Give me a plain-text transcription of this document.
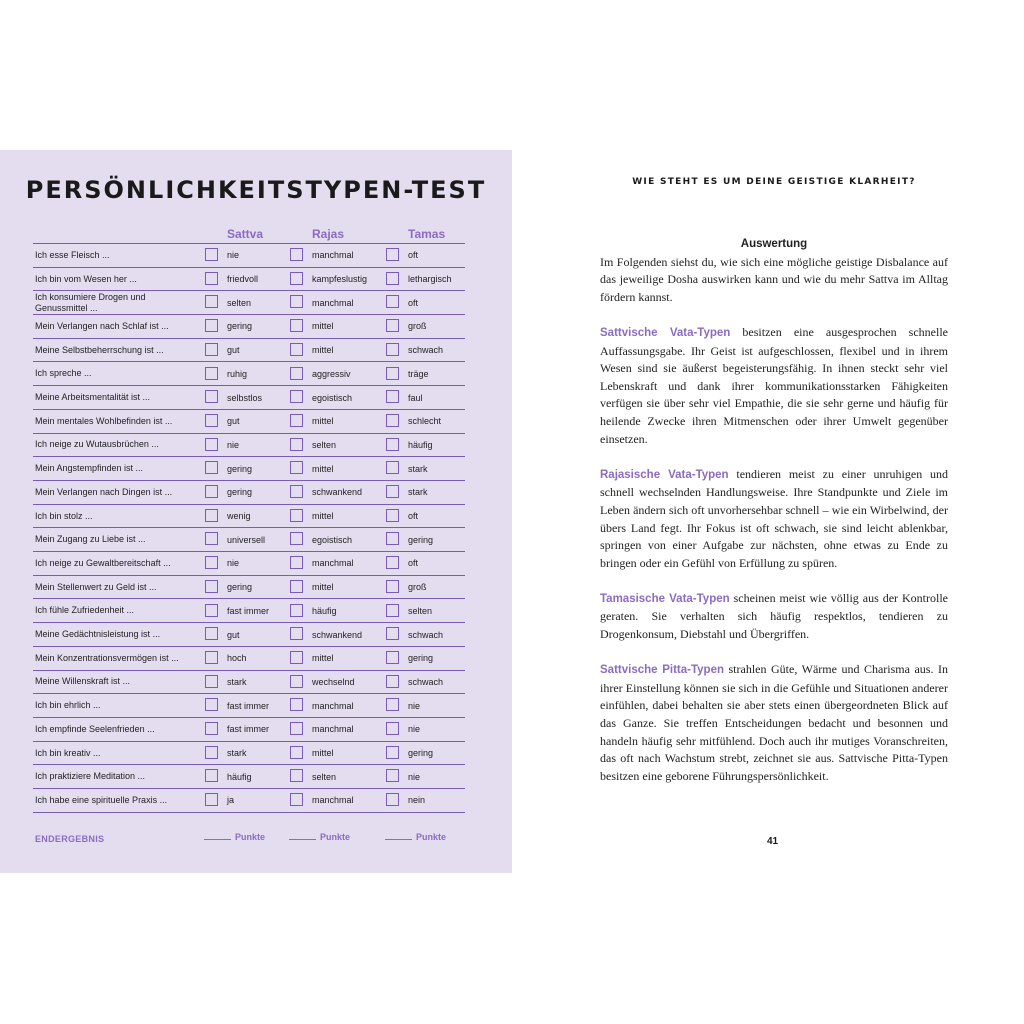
PERSÖNLICHKEITSTYPEN-TEST
Sattva	Rajas	Tamas
Ich esse Fleisch ...	nie	manchmal	oft
Ich bin vom Wesen her ...	friedvoll	kampfeslustig	lethargisch
Ich konsumiere Drogen und Genussmittel ...	selten	manchmal	oft
Mein Verlangen nach Schlaf ist ...	gering	mittel	groß
Meine Selbstbeherrschung ist ...	gut	mittel	schwach
Ich spreche ...	ruhig	aggressiv	träge
Meine Arbeitsmentalität ist ...	selbstlos	egoistisch	faul
Mein mentales Wohlbefinden ist ...	gut	mittel	schlecht
Ich neige zu Wutausbrüchen ...	nie	selten	häufig
Mein Angstempfinden ist ...	gering	mittel	stark
Mein Verlangen nach Dingen ist ...	gering	schwankend	stark
Ich bin stolz ...	wenig	mittel	oft
Mein Zugang zu Liebe ist ...	universell	egoistisch	gering
Ich neige zu Gewaltbereitschaft ...	nie	manchmal	oft
Mein Stellenwert zu Geld ist ...	gering	mittel	groß
Ich fühle Zufriedenheit ...	fast immer	häufig	selten
Meine Gedächtnisleistung ist ...	gut	schwankend	schwach
Mein Konzentrationsvermögen ist ...	hoch	mittel	gering
Meine Willenskraft ist ...	stark	wechselnd	schwach
Ich bin ehrlich ...	fast immer	manchmal	nie
Ich empfinde Seelenfrieden ...	fast immer	manchmal	nie
Ich bin kreativ ...	stark	mittel	gering
Ich praktiziere Meditation ...	häufig	selten	nie
Ich habe eine spirituelle Praxis ...	ja	manchmal	nein
ENDERGEBNIS	Punkte	Punkte	Punkte
WIE STEHT ES UM DEINE GEISTIGE KLARHEIT?

Auswertung

Im Folgenden siehst du, wie sich eine mögliche geistige Disbalance auf das jeweilige Dosha auswirken kann und wie du mehr Sattva im Alltag fördern kannst.

Sattvische Vata-Typen besitzen eine ausgesprochen schnelle Auffassungsgabe. Ihr Geist ist aufgeschlossen, flexibel und in ihrem Wesen sind sie äußerst begeisterungsfähig. In ihnen steckt sehr viel Lebenskraft und dank ihrer kommunikationsstarken Fähigkeiten verfügen sie über sehr viel Empathie, die sie sehr gerne und häufig für heilende Zwecke ihren Mitmenschen oder ihrer Umwelt gegenüber einsetzen.

Rajasische Vata-Typen tendieren meist zu einer unruhigen und schnell wechselnden Handlungsweise. Ihre Standpunkte und Ziele im Leben ändern sich oft unvorhersehbar schnell – wie ein Wirbelwind, der übers Land fegt. Ihr Fokus ist oft schwach, sie sind leicht ablenkbar, springen von einer Aufgabe zur nächsten, ohne etwas zu Ende zu bringen oder ein Gefühl von Erfüllung zu spüren.

Tamasische Vata-Typen scheinen meist wie völlig aus der Kontrolle geraten. Sie verhalten sich häufig respektlos, tendieren zu Drogenkonsum, Diebstahl und Übergriffen.

Sattvische Pitta-Typen strahlen Güte, Wärme und Charisma aus. In ihrer Einstellung können sie sich in die Gefühle und Situationen anderer einfühlen, dabei behalten sie aber stets einen übergeordneten Blick auf das Ganze. Sie treffen Entscheidungen bedacht und besonnen und handeln häufig sehr mitfühlend. Doch auch ihr mutiges Voranschreiten, das oft nach Wachstum strebt, zeichnet sie aus. Sattvische Pitta-Typen besitzen eine geborene Führungspersönlichkeit.

41
